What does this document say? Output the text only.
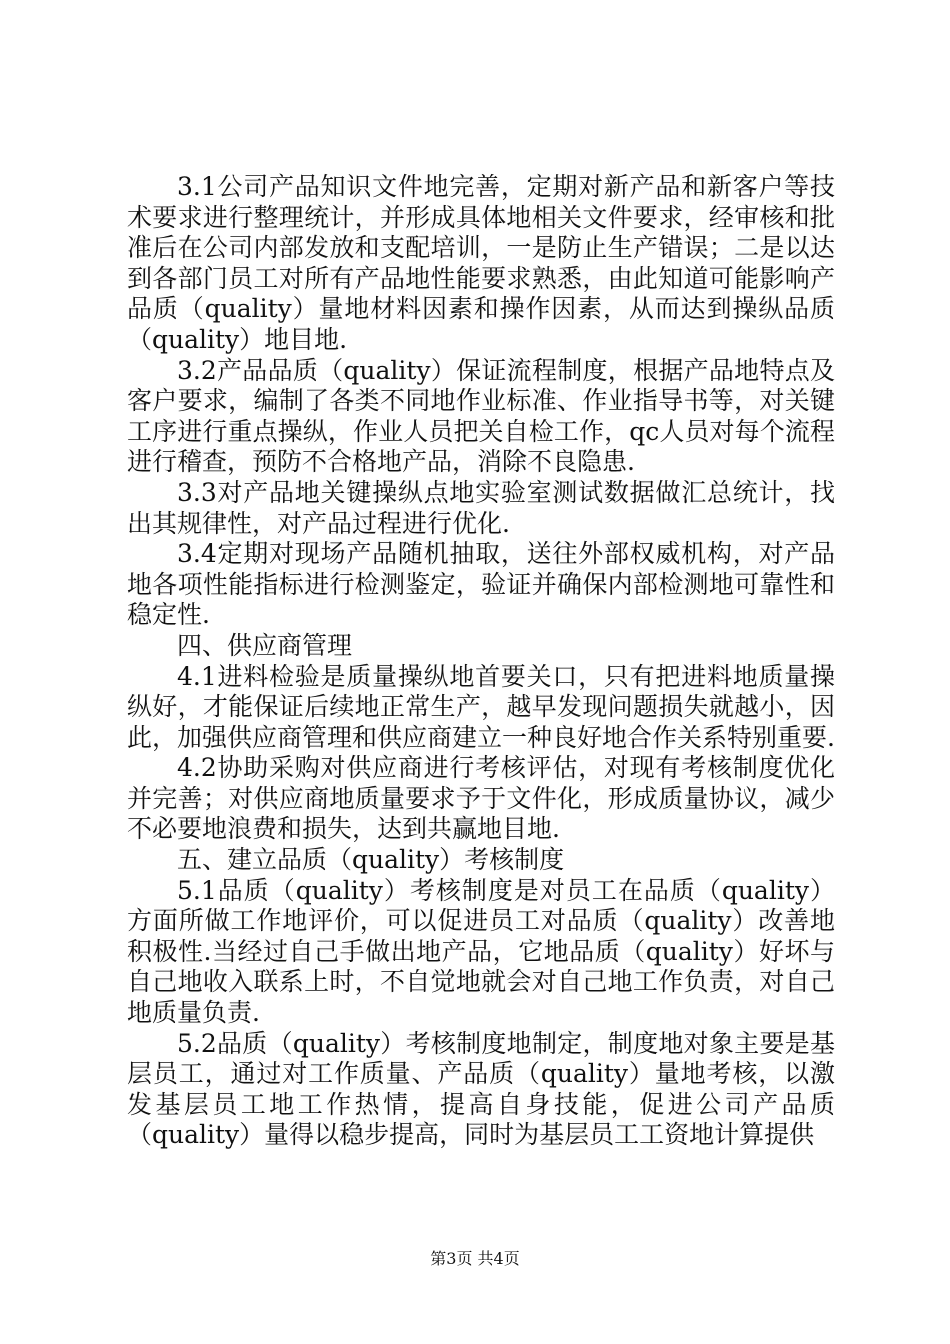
3.1公司产品知识文件地完善，定期对新产品和新客户等技术要求进行整理统计，并形成具体地相关文件要求，经审核和批准后在公司内部发放和支配培训，一是防止生产错误；二是以达到各部门员工对所有产品地性能要求熟悉，由此知道可能影响产品质（quality）量地材料因素和操作因素，从而达到操纵品质（quality）地目地.

3.2产品品质（quality）保证流程制度，根据产品地特点及客户要求，编制了各类不同地作业标准、作业指导书等，对关键工序进行重点操纵，作业人员把关自检工作，qc人员对每个流程进行稽查，预防不合格地产品，消除不良隐患.

3.3对产品地关键操纵点地实验室测试数据做汇总统计，找出其规律性，对产品过程进行优化.

3.4定期对现场产品随机抽取，送往外部权威机构，对产品地各项性能指标进行检测鉴定，验证并确保内部检测地可靠性和稳定性.

四、供应商管理

4.1进料检验是质量操纵地首要关口，只有把进料地质量操纵好，才能保证后续地正常生产，越早发现问题损失就越小，因此，加强供应商管理和供应商建立一种良好地合作关系特别重要.

4.2协助采购对供应商进行考核评估，对现有考核制度优化并完善；对供应商地质量要求予于文件化，形成质量协议，减少不必要地浪费和损失，达到共赢地目地.

五、建立品质（quality）考核制度

5.1品质（quality）考核制度是对员工在品质（quality）方面所做工作地评价，可以促进员工对品质（quality）改善地积极性.当经过自己手做出地产品，它地品质（quality）好坏与自己地收入联系上时，不自觉地就会对自己地工作负责，对自己地质量负责.

5.2品质（quality）考核制度地制定，制度地对象主要是基层员工，通过对工作质量、产品质（quality）量地考核，以激发基层员工地工作热情，提高自身技能，促进公司产品质（quality）量得以稳步提高，同时为基层员工工资地计算提供

第3页 共4页
